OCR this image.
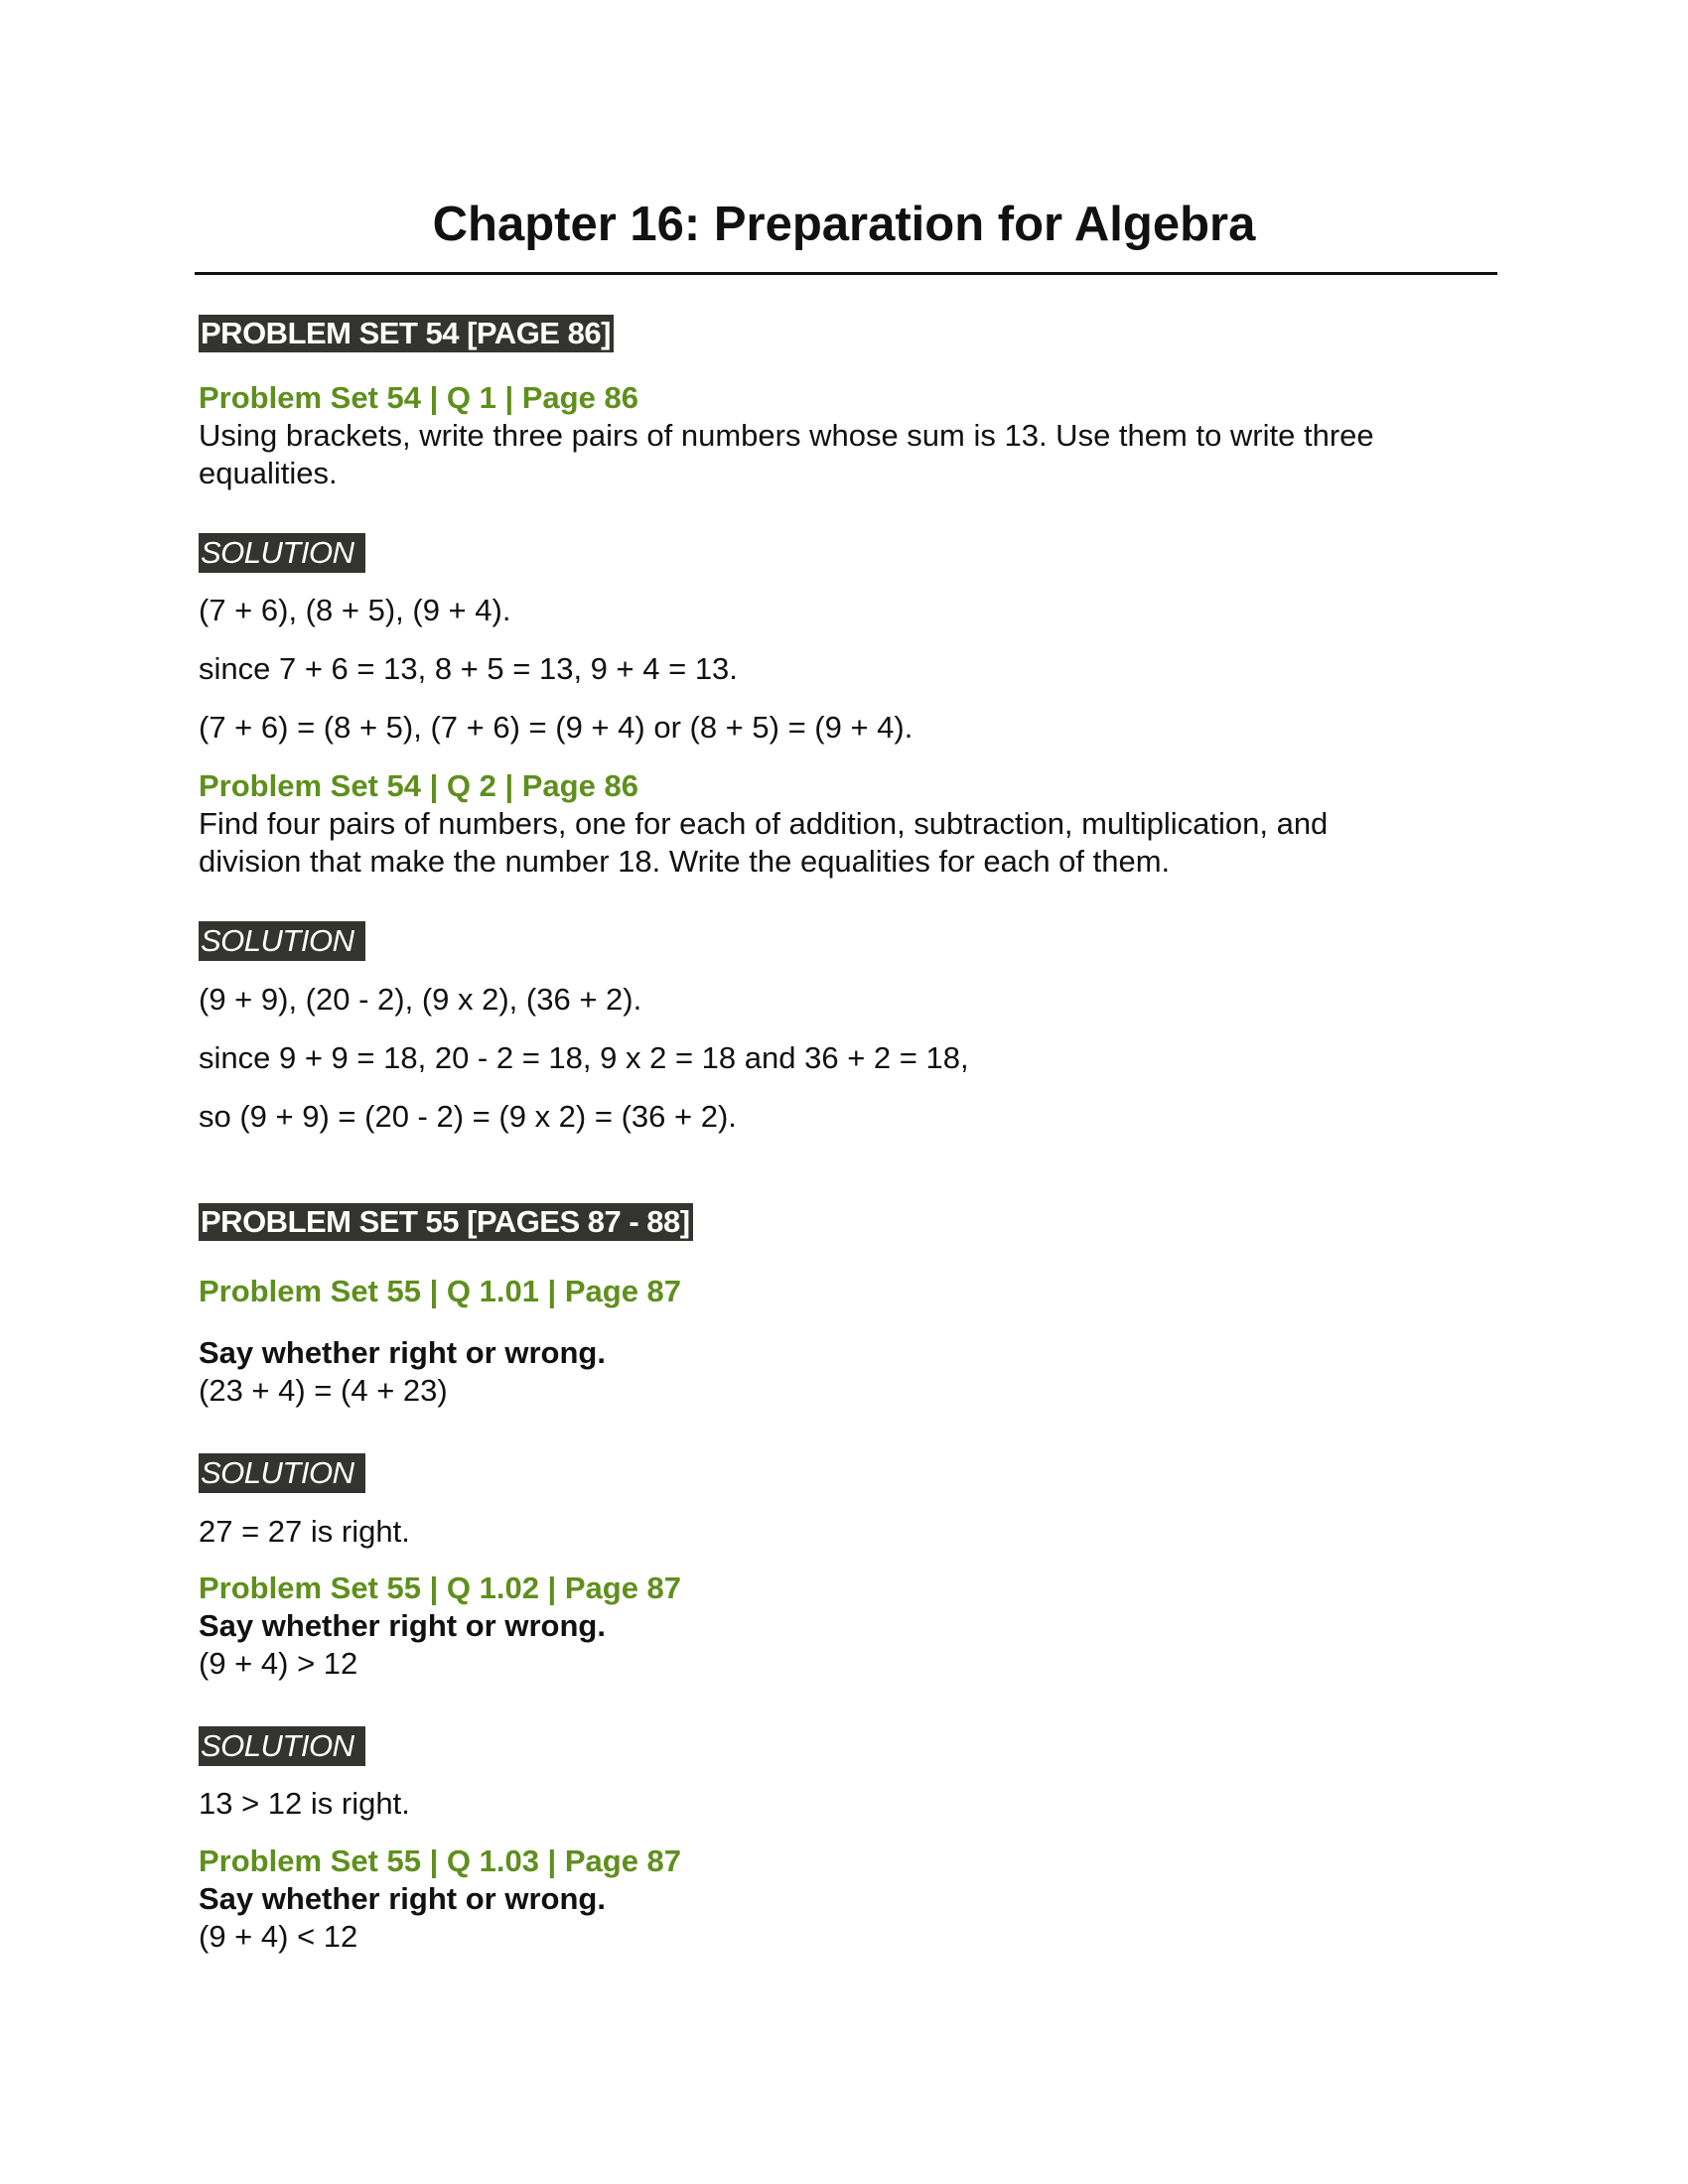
Chapter 16: Preparation for Algebra
PROBLEM SET 54 [PAGE 86]
Problem Set 54 | Q 1 | Page 86
Using brackets, write three pairs of numbers whose sum is 13. Use them to write three
equalities.
SOLUTION
(7 + 6), (8 + 5), (9 + 4).
since 7 + 6 = 13, 8 + 5 = 13, 9 + 4 = 13.
(7 + 6) = (8 + 5), (7 + 6) = (9 + 4) or (8 + 5) = (9 + 4).
Problem Set 54 | Q 2 | Page 86
Find four pairs of numbers, one for each of addition, subtraction, multiplication, and
division that make the number 18. Write the equalities for each of them.
SOLUTION
(9 + 9), (20 - 2), (9 x 2), (36 + 2).
since 9 + 9 = 18, 20 - 2 = 18, 9 x 2 = 18 and 36 + 2 = 18,
so (9 + 9) = (20 - 2) = (9 x 2) = (36 + 2).
PROBLEM SET 55 [PAGES 87 - 88]
Problem Set 55 | Q 1.01 | Page 87
Say whether right or wrong.
(23 + 4) = (4 + 23)
SOLUTION
27 = 27 is right.
Problem Set 55 | Q 1.02 | Page 87
Say whether right or wrong.
(9 + 4) > 12
SOLUTION
13 > 12 is right.
Problem Set 55 | Q 1.03 | Page 87
Say whether right or wrong.
(9 + 4) < 12
